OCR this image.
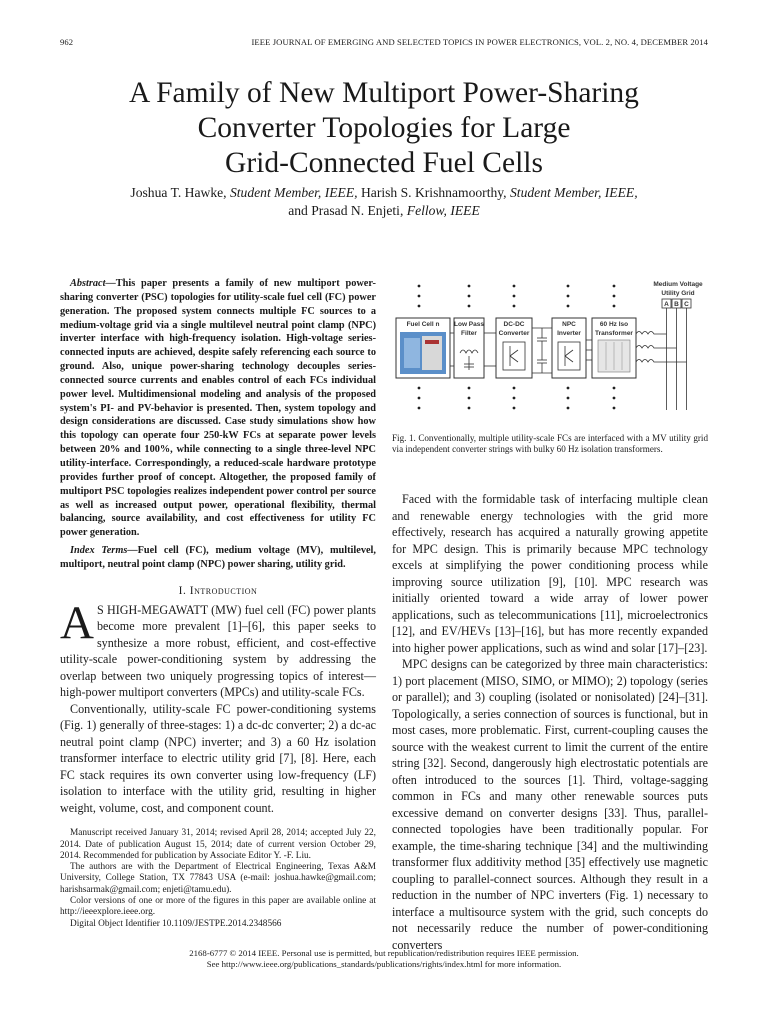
962	IEEE JOURNAL OF EMERGING AND SELECTED TOPICS IN POWER ELECTRONICS, VOL. 2, NO. 4, DECEMBER 2014
A Family of New Multiport Power-Sharing
Converter Topologies for Large
Grid-Connected Fuel Cells
Joshua T. Hawke, Student Member, IEEE, Harish S. Krishnamoorthy, Student Member, IEEE,
and Prasad N. Enjeti, Fellow, IEEE

Abstract—This paper presents a family of new multiport power-sharing converter (PSC) topologies for utility-scale fuel cell (FC) power generation. The proposed system connects multiple FC sources to a medium-voltage grid via a single multilevel neutral point clamp (NPC) inverter interface with high-frequency isolation. High-voltage series-connected inputs are achieved, despite safely referencing each source to ground. Also, unique power-sharing technology decouples series-connected source currents and enables control of each FCs individual power level. Multidimensional modeling and analysis of the proposed system's PI- and PV-behavior is presented. Then, system topology and design considerations are discussed. Case study simulations show how this topology can operate four 250-kW FCs at separate power levels between 20% and 100%, while connecting to a single three-level NPC utility-interface. Correspondingly, a reduced-scale hardware prototype provides further proof of concept. Altogether, the proposed family of multiport PSC topologies realizes independent power control per source as well as increased output power, operational flexibility, thermal balancing, source availability, and cost effectiveness for utility FC power generation.

Index Terms—Fuel cell (FC), medium voltage (MV), multilevel, multiport, neutral point clamp (NPC) power sharing, utility grid.

I. Introduction

A S HIGH-MEGAWATT (MW) fuel cell (FC) power plants become more prevalent [1]–[6], this paper seeks to synthesize a more robust, efficient, and cost-effective utility-scale power-conditioning system by addressing the overlap between two uniquely progressing topics of interest—high-power multiport converters (MPCs) and utility-scale FCs.

Conventionally, utility-scale FC power-conditioning systems (Fig. 1) generally of three-stages: 1) a dc-dc converter; 2) a dc-ac neutral point clamp (NPC) inverter; and 3) a 60 Hz isolation transformer interface to electric utility grid [7], [8]. Here, each FC stack requires its own converter using low-frequency (LF) isolation to interface with the utility grid, resulting in higher weight, volume, cost, and component count.

Manuscript received January 31, 2014; revised April 28, 2014; accepted July 22, 2014. Date of publication August 15, 2014; date of current version October 29, 2014. Recommended for publication by Associate Editor Y. -F. Liu.

The authors are with the Department of Electrical Engineering, Texas A&M University, College Station, TX 77843 USA (e-mail: joshua.hawke@gmail.com; harishsarmak@gmail.com; enjeti@tamu.edu).

Color versions of one or more of the figures in this paper are available online at http://ieeexplore.ieee.org.

Digital Object Identifier 10.1109/JESTPE.2014.2348566

Medium Voltage
Utility Grid
A B C
Fuel Cell n Low Pass
Filter
DC-DC
Converter
NPC
Inverter
60 Hz Iso
Transformer
Fig. 1. Conventionally, multiple utility-scale FCs are interfaced with a MV utility grid via independent converter strings with bulky 60 Hz isolation transformers.

Faced with the formidable task of interfacing multiple clean and renewable energy technologies with the grid more effectively, research has acquired a naturally growing appetite for MPC design. This is primarily because MPC technology excels at simplifying the power conditioning process while improving source utilization [9], [10]. MPC research was initially oriented toward a wide array of lower power applications, such as telecommunications [11], microelectronics [12], and EV/HEVs [13]–[16], but has more recently expanded into higher power applications, such as wind and solar [17]–[23].

MPC designs can be categorized by three main characteristics: 1) port placement (MISO, SIMO, or MIMO); 2) topology (series or parallel); and 3) coupling (isolated or nonisolated) [24]–[31]. Topologically, a series connection of sources is functional, but in most cases, more problematic. First, current-coupling causes the source with the weakest current to limit the current of the entire string [32]. Second, dangerously high electrostatic potentials are often introduced to the sources [1]. Third, voltage-sagging common in FCs and many other renewable sources puts excessive demand on converter designs [33]. Thus, parallel-connected topologies have been traditionally popular. For example, the time-sharing technique [34] and the multiwinding transformer flux additivity method [35] effectively use magnetic coupling to parallel-connect sources. Although they result in a reduction in the number of NPC inverters (Fig. 1) necessary to interface a multisource system with the grid, such concepts do not necessarily reduce the number of power-conditioning converters

2168-6777 © 2014 IEEE. Personal use is permitted, but republication/redistribution requires IEEE permission.
See http://www.ieee.org/publications_standards/publications/rights/index.html for more information.
